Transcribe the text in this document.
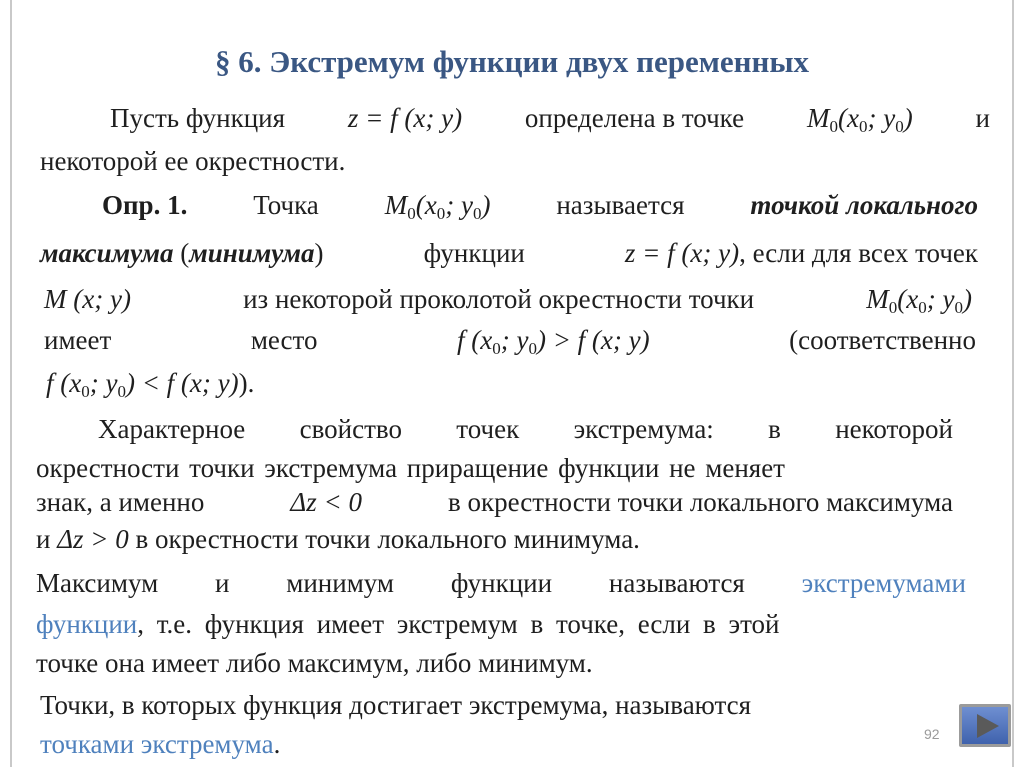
§ 6. Экстремум функции двух переменных
Пусть функция z = f (x; y) определена в точке $M_0(x_0$; $y_0$) и
некоторой ее окрестности.
Опр. 1. Точка $M_0(x_0$; $y_0$) называется точкой локального
максимума (минимума)	функции	z = f (x; y), если для всех точек
M (x; y)	из некоторой проколотой окрестности точки	$M_0(x_0$; $y_0$)
имеет	место	f ($x_0$; $y_0) > f$ (x; y)	(соответственно
f ($x_0$; $y_0) < f$ (x; y)).
Характерное свойство точек экстремума: в некоторой
окрестности точки экстремума приращение функции не меняет
знак, а именно	Δz < 0	в окрестности точки локального максимума
и Δz > 0 в окрестности точки локального минимума.
Максимум и минимум функции называются экстремумами
функции, т.е. функция имеет экстремум в точке, если в этой
точке она имеет либо максимум, либо минимум.
Точки, в которых функция достигает экстремума, называются
точками экстремума.	92
